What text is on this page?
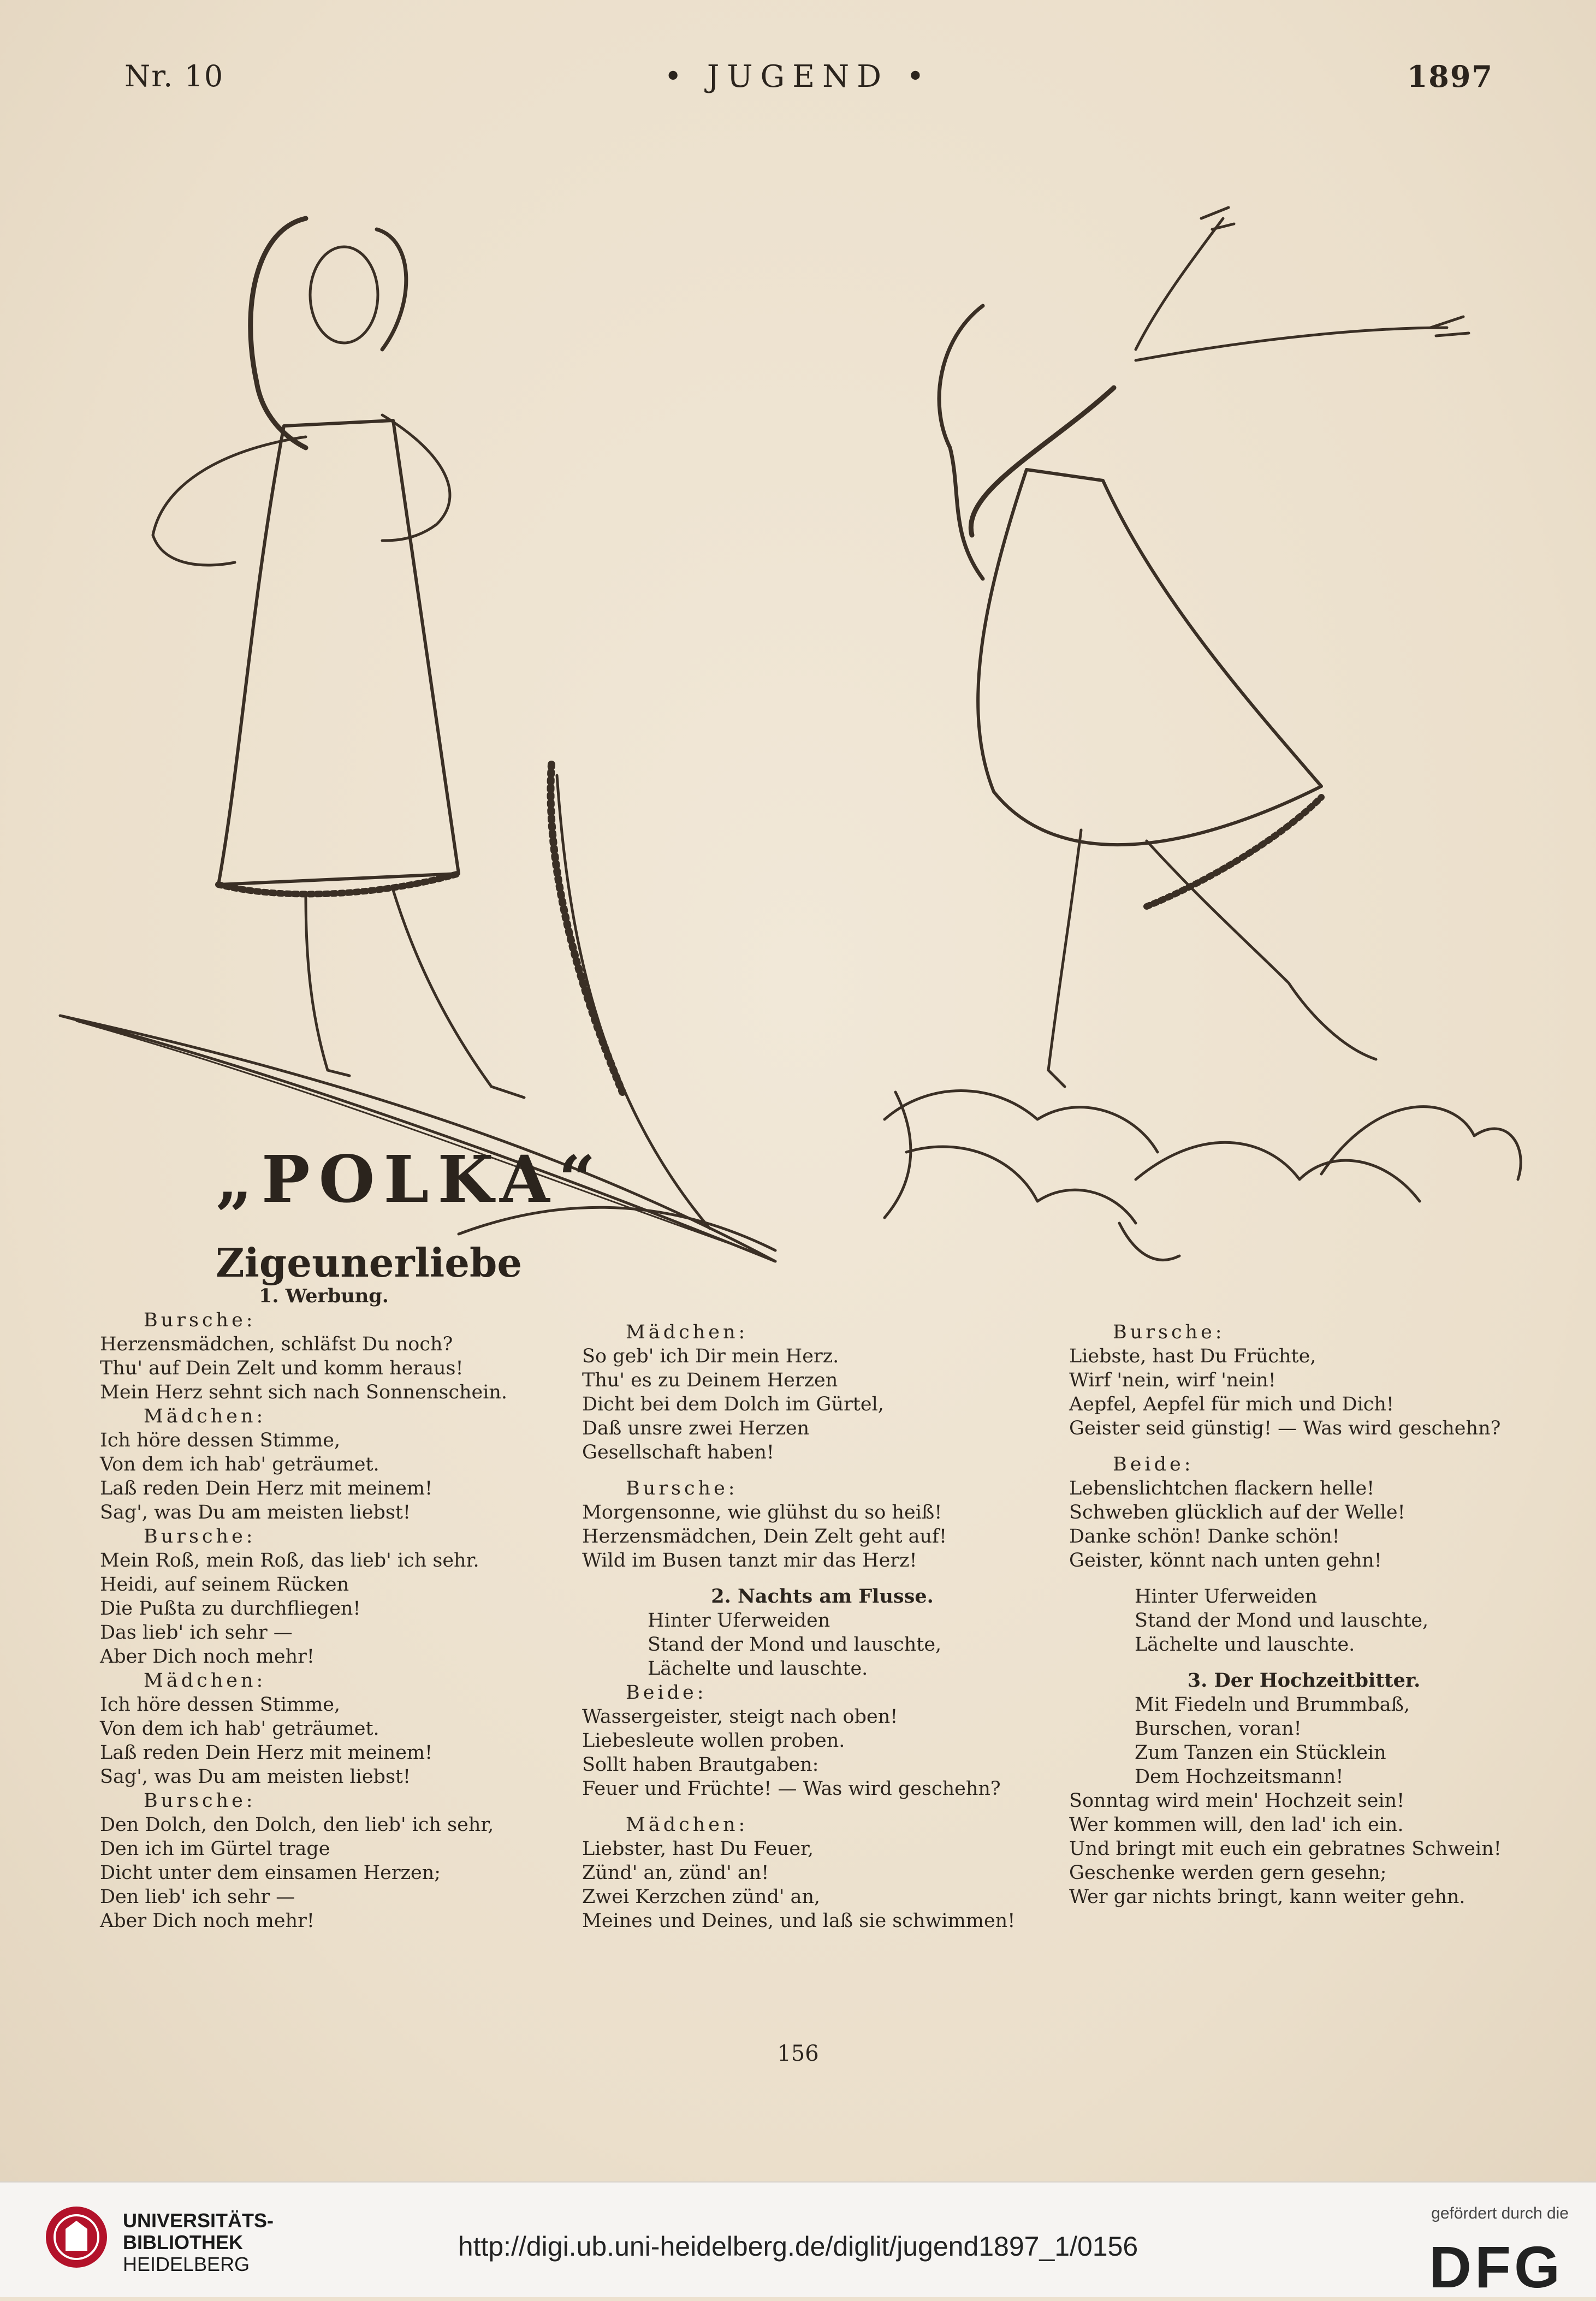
Nr. 10	• JUGEND •	1897
„POLKA“
Zigeunerliebe
1. Werbung.
Bursche:
Herzensmädchen, schläfst Du noch?
Thu' auf Dein Zelt und komm heraus!
Mein Herz sehnt sich nach Sonnenschein.
Mädchen:
Ich höre dessen Stimme,
Von dem ich hab' geträumet.
Laß reden Dein Herz mit meinem!
Sag', was Du am meisten liebst!
Bursche:
Mein Roß, mein Roß, das lieb' ich sehr.
Heidi, auf seinem Rücken
Die Pußta zu durchfliegen!
Das lieb' ich sehr —
Aber Dich noch mehr!
Mädchen:
Ich höre dessen Stimme,
Von dem ich hab' geträumet.
Laß reden Dein Herz mit meinem!
Sag', was Du am meisten liebst!
Bursche:
Den Dolch, den Dolch, den lieb' ich sehr,
Den ich im Gürtel trage
Dicht unter dem einsamen Herzen;
Den lieb' ich sehr —
Aber Dich noch mehr!
Mädchen:
So geb' ich Dir mein Herz.
Thu' es zu Deinem Herzen
Dicht bei dem Dolch im Gürtel,
Daß unsre zwei Herzen
Gesellschaft haben!
Bursche:
Morgensonne, wie glühst du so heiß!
Herzensmädchen, Dein Zelt geht auf!
Wild im Busen tanzt mir das Herz!
2. Nachts am Flusse.
Hinter Uferweiden
Stand der Mond und lauschte,
Lächelte und lauschte.
Beide:
Wassergeister, steigt nach oben!
Liebesleute wollen proben.
Sollt haben Brautgaben:
Feuer und Früchte! — Was wird geschehn?
Mädchen:
Liebster, hast Du Feuer,
Zünd' an, zünd' an!
Zwei Kerzchen zünd' an,
Meines und Deines, und laß sie schwimmen!
Bursche:
Liebste, hast Du Früchte,
Wirf 'nein, wirf 'nein!
Aepfel, Aepfel für mich und Dich!
Geister seid günstig! — Was wird geschehn?
Beide:
Lebenslichtchen flackern helle!
Schweben glücklich auf der Welle!
Danke schön! Danke schön!
Geister, könnt nach unten gehn!
Hinter Uferweiden
Stand der Mond und lauschte,
Lächelte und lauschte.
3. Der Hochzeitbitter.
Mit Fiedeln und Brummbaß,
Burschen, voran!
Zum Tanzen ein Stücklein
Dem Hochzeitsmann!
Sonntag wird mein' Hochzeit sein!
Wer kommen will, den lad' ich ein.
Und bringt mit euch ein gebratnes Schwein!
Geschenke werden gern gesehn;
Wer gar nichts bringt, kann weiter gehn.
156
UNIVERSITÄTS-
BIBLIOTHEK
HEIDELBERG
http://digi.ub.uni-heidelberg.de/diglit/jugend1897_1/0156
gefördert durch die
DFG
